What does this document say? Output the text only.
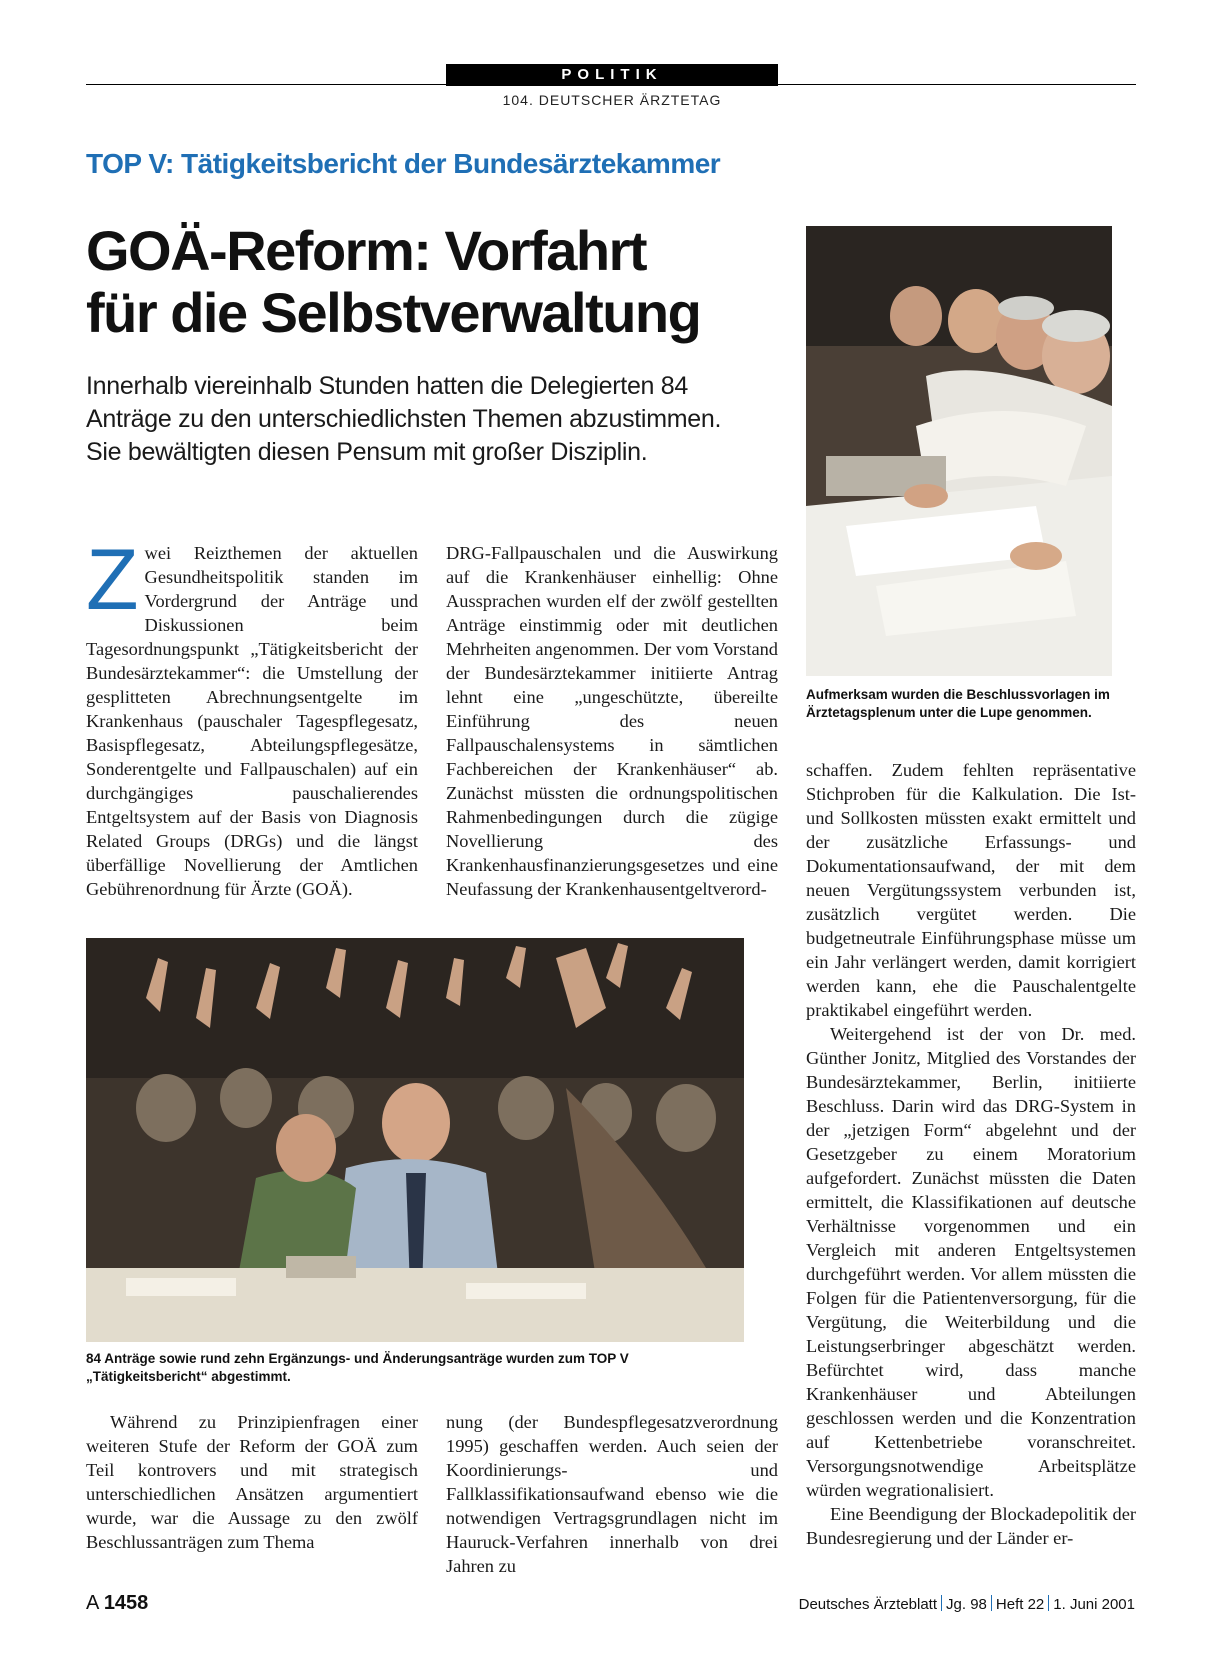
POLITIK
104. DEUTSCHER ÄRZTETAG
TOP V: Tätigkeitsbericht der Bundesärztekammer
GOÄ-Reform: Vorfahrt
für die Selbstverwaltung
Innerhalb viereinhalb Stunden hatten die Delegierten 84 Anträge zu den unterschiedlichsten Themen abzustimmen. Sie bewältigten diesen Pensum mit großer Disziplin.
Zwei Reizthemen der aktuellen Gesundheitspolitik standen im Vordergrund der Anträge und Diskussionen beim Tagesordnungspunkt „Tätigkeitsbericht der Bundesärztekammer“: die Umstellung der gesplitteten Abrechnungsentgelte im Krankenhaus (pauschaler Tagespflegesatz, Basispflegesatz, Abteilungspflegesätze, Sonderentgelte und Fallpauschalen) auf ein durchgängiges pauschalierendes Entgeltsystem auf der Basis von Diagnosis Related Groups (DRGs) und die längst überfällige Novellierung der Amtlichen Gebührenordnung für Ärzte (GOÄ).

DRG-Fallpauschalen und die Auswirkung auf die Krankenhäuser einhellig: Ohne Aussprachen wurden elf der zwölf gestellten Anträge einstimmig oder mit deutlichen Mehrheiten angenommen. Der vom Vorstand der Bundesärztekammer initiierte Antrag lehnt eine „ungeschützte, übereilte Einführung des neuen Fallpauschalensystems in sämtlichen Fachbereichen der Krankenhäuser“ ab. Zunächst müssten die ordnungspolitischen Rahmenbedingungen durch die zügige Novellierung des Krankenhausfinanzierungsgesetzes und eine Neufassung der Krankenhausentgeltverord-

Aufmerksam wurden die Beschlussvorlagen im Ärztetagsplenum unter die Lupe genommen.

schaffen. Zudem fehlten repräsentative Stichproben für die Kalkulation. Die Ist- und Sollkosten müssten exakt ermittelt und der zusätzliche Erfassungs- und Dokumentationsaufwand, der mit dem neuen Vergütungssystem verbunden ist, zusätzlich vergütet werden. Die budgetneutrale Einführungsphase müsse um ein Jahr verlängert werden, damit korrigiert werden kann, ehe die Pauschalentgelte praktikabel eingeführt werden.

Weitergehend ist der von Dr. med. Günther Jonitz, Mitglied des Vorstandes der Bundesärztekammer, Berlin, initiierte Beschluss. Darin wird das DRG-System in der „jetzigen Form“ abgelehnt und der Gesetzgeber zu einem Moratorium aufgefordert. Zunächst müssten die Daten ermittelt, die Klassifikationen auf deutsche Verhältnisse vorgenommen und ein Vergleich mit anderen Entgeltsystemen durchgeführt werden. Vor allem müssten die Folgen für die Patientenversorgung, für die Vergütung, die Weiterbildung und die Leistungserbringer abgeschätzt werden. Befürchtet wird, dass manche Krankenhäuser und Abteilungen geschlossen werden und die Konzentration auf Kettenbetriebe voranschreitet. Versorgungsnotwendige Arbeitsplätze würden wegrationalisiert.

Eine Beendigung der Blockadepolitik der Bundesregierung und der Länder er-

84 Anträge sowie rund zehn Ergänzungs- und Änderungsanträge wurden zum TOP V „Tätigkeitsbericht“ abgestimmt.

Während zu Prinzipienfragen einer weiteren Stufe der Reform der GOÄ zum Teil kontrovers und mit strategisch unterschiedlichen Ansätzen argumentiert wurde, war die Aussage zu den zwölf Beschlussanträgen zum Thema

nung (der Bundespflegesatzverordnung 1995) geschaffen werden. Auch seien der Koordinierungs- und Fallklassifikationsaufwand ebenso wie die notwendigen Vertragsgrundlagen nicht im Hauruck-Verfahren innerhalb von drei Jahren zu

A 1458	Deutsches Ärzteblatt Jg. 98 Heft 22 1. Juni 2001
